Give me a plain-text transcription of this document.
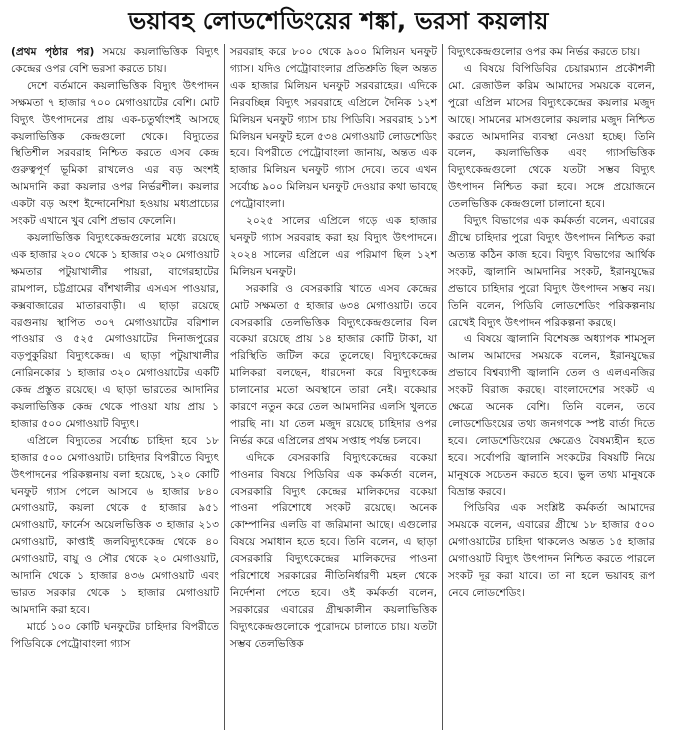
ভয়াবহ লোডশেডিংয়ের শঙ্কা, ভরসা কয়লায়

(প্রথম পৃষ্ঠার পর) সময়ে কয়লাভিত্তিক বিদ্যুৎ কেন্দ্রের ওপর বেশি ভরসা করতে চায়।

দেশে বর্তমানে কয়লাভিত্তিক বিদ্যুৎ উৎপাদন সক্ষমতা ৭ হাজার ৭০০ মেগাওয়াটের বেশি। মোট বিদ্যুৎ উৎপাদনের প্রায় এক-চতুর্থাংশই আসছে কয়লাভিত্তিক কেন্দ্রগুলো থেকে। বিদ্যুতের স্থিতিশীল সরবরাহ নিশ্চিত করতে এসব কেন্দ্র গুরুত্বপূর্ণ ভূমিকা রাখলেও এর বড় অংশই আমদানি করা কয়লার ওপর নির্ভরশীল। কয়লার একটা বড় অংশ ইন্দোনেশিয়া হওয়ায় মধ্যপ্রাচ্যের সংকট এখানে খুব বেশি প্রভাব ফেলেনি।

কয়লাভিত্তিক বিদ্যুৎকেন্দ্রগুলোর মধ্যে রয়েছে এক হাজার ২০০ থেকে ১ হাজার ৩২০ মেগাওয়াট ক্ষমতার পটুয়াখালীর পায়রা, বাগেরহাটের রামপাল, চট্টগ্রামের বাঁশখালীর এসএস পাওয়ার, কক্সবাজারের মাতারবাড়ী। এ ছাড়া রয়েছে বরগুনায় স্থাপিত ৩০৭ মেগাওয়াটের বরিশাল পাওয়ার ও ৫২৫ মেগাওয়াটের দিনাজপুরের বড়পুকুরিয়া বিদ্যুৎকেন্দ্র। এ ছাড়া পটুয়াখালীর নোরিনকোর ১ হাজার ৩২০ মেগাওয়াটের একটি কেন্দ্র প্রস্তুত রয়েছে। এ ছাড়া ভারতের আদানির কয়লাভিত্তিক কেন্দ্র থেকে পাওয়া যায় প্রায় ১ হাজার ৫০০ মেগাওয়াট বিদ্যুৎ।

এপ্রিলে বিদ্যুতের সর্বোচ্চ চাহিদা হবে ১৮ হাজার ৫০০ মেগাওয়াট। চাহিদার বিপরীতে বিদ্যুৎ উৎপাদনের পরিকল্পনায় বলা হয়েছে, ১২০ কোটি ঘনফুট গ্যাস পেলে আসবে ৬ হাজার ৮৪০ মেগাওয়াট, কয়লা থেকে ৫ হাজার ৯৫১ মেগাওয়াট, ফার্নেস অয়েলভিত্তিক ৩ হাজার ২১৩ মেগাওয়াট, কাপ্তাই জলবিদ্যুৎকেন্দ্র থেকে ৪০ মেগাওয়াট, বায়ু ও সৌর থেকে ২০ মেগাওয়াট, আদানি থেকে ১ হাজার ৪৩৬ মেগাওয়াট এবং ভারত সরকার থেকে ১ হাজার মেগাওয়াট আমদানি করা হবে।

মার্চে ১০০ কোটি ঘনফুটের চাহিদার বিপরীতে পিডিবিকে পেট্রোবাংলা গ্যাস

সরবরাহ করে ৮০০ থেকে ৯০০ মিলিয়ন ঘনফুট গ্যাস। যদিও পেট্রোবাংলার প্রতিশ্রুতি ছিল অন্তত এক হাজার মিলিয়ন ঘনফুট সরবরাহের। এদিকে নিরবচ্ছিন্ন বিদ্যুৎ সরবরাহে এপ্রিলে দৈনিক ১২শ মিলিয়ন ঘনফুট গ্যাস চায় পিডিবি। সরবরাহ ১১শ মিলিয়ন ঘনফুট হলে ৫৩৪ মেগাওয়াট লোডশেডিং হবে। বিপরীতে পেট্রোবাংলা জানায়, অন্তত এক হাজার মিলিয়ন ঘনফুট গ্যাস দেবে। তবে এখন সর্বোচ্চ ৯০০ মিলিয়ন ঘনফুট দেওয়ার কথা ভাবছে পেট্রোবাংলা।

২০২৫ সালের এপ্রিলে গড়ে এক হাজার ঘনফুট গ্যাস সরবরাহ করা হয় বিদ্যুৎ উৎপাদনে। ২০২৪ সালের এপ্রিলে এর পরিমাণ ছিল ১২শ মিলিয়ন ঘনফুট।

সরকারি ও বেসরকারি খাতে এসব কেন্দ্রের মোট সক্ষমতা ৫ হাজার ৬৩৪ মেগাওয়াট। তবে বেসরকারি তেলভিত্তিক বিদ্যুৎকেন্দ্রগুলোর বিল বকেয়া রয়েছে প্রায় ১৪ হাজার কোটি টাকা, যা পরিস্থিতি জটিল করে তুলেছে। বিদ্যুৎকেন্দ্রের মালিকরা বলছেন, ধারদেনা করে বিদ্যুৎকেন্দ্র চালানোর মতো অবস্থানে তারা নেই। বকেয়ার কারণে নতুন করে তেল আমদানির এলসি খুলতে পারছি না। যা তেল মজুদ রয়েছে চাহিদার ওপর নির্ভর করে এপ্রিলের প্রথম সপ্তাহ পর্যন্ত চলবে।

এদিকে বেসরকারি বিদ্যুৎকেন্দ্রের বকেয়া পাওনার বিষয়ে পিডিবির এক কর্মকর্তা বলেন, বেসরকারি বিদ্যুৎ কেন্দ্রের মালিকদের বকেয়া পাওনা পরিশোধে সংকট রয়েছে। অনেক কোম্পানির এলডি বা জরিমানা আছে। এগুলোর বিষয়ে সমাধান হতে হবে। তিনি বলেন, এ ছাড়া বেসরকারি বিদ্যুৎকেন্দ্রের মালিকদের পাওনা পরিশোধে সরকারের নীতিনির্ধারণী মহল থেকে নির্দেশনা পেতে হবে। ওই কর্মকর্তা বলেন, সরকারের এবারের গ্রীষ্মকালীন কয়লাভিত্তিক বিদ্যুৎকেন্দ্রগুলোকে পুরোদমে চালাতে চায়। যতটা সম্ভব তেলভিত্তিক

বিদ্যুৎকেন্দ্রগুলোর ওপর কম নির্ভর করতে চায়।

এ বিষয়ে বিপিডিবির চেয়ারম্যান প্রকৌশলী মো. রেজাউল করিম আমাদের সময়কে বলেন, পুরো এপ্রিল মাসের বিদ্যুৎকেন্দ্রের কয়লার মজুদ আছে। সামনের মাসগুলোর কয়লার মজুদ নিশ্চিত করতে আমদানির ব্যবস্থা নেওয়া হচ্ছে। তিনি বলেন, কয়লাভিত্তিক এবং গ্যাসভিত্তিক বিদ্যুৎকেন্দ্রগুলো থেকে যতটা সম্ভব বিদ্যুৎ উৎপাদন নিশ্চিত করা হবে। সঙ্গে প্রয়োজনে তেলভিত্তিক কেন্দ্রগুলো চালানো হবে।

বিদ্যুৎ বিভাগের এক কর্মকর্তা বলেন, এবারের গ্রীষ্মে চাহিদার পুরো বিদ্যুৎ উৎপাদন নিশ্চিত করা অত্যন্ত কঠিন কাজ হবে। বিদ্যুৎ বিভাগের আর্থিক সংকট, জ্বালানি আমদানির সংকট, ইরানযুদ্ধের প্রভাবে চাহিদার পুরো বিদ্যুৎ উৎপাদন সম্ভব নয়। তিনি বলেন, পিডিবি লোডশেডিং পরিকল্পনায় রেখেই বিদ্যুৎ উৎপাদন পরিকল্পনা করছে।

এ বিষয়ে জ্বালানি বিশেষজ্ঞ অধ্যাপক শামসুল আলম আমাদের সময়কে বলেন, ইরানযুদ্ধের প্রভাবে বিশ্বব্যাপী জ্বালানি তেল ও এলএনজির সংকট বিরাজ করছে। বাংলাদেশের সংকট এ ক্ষেত্রে অনেক বেশি। তিনি বলেন, তবে লোডশেডিংয়ের তথ্য জনগণকে স্পষ্ট বার্তা দিতে হবে। লোডশেডিংয়ের ক্ষেত্রেও বৈষম্যহীন হতে হবে। সর্বোপরি জ্বালানি সংকটের বিষয়টি নিয়ে মানুষকে সচেতন করতে হবে। ভুল তথ্য মানুষকে বিভ্রান্ত করবে।

পিডিবির এক সংশ্লিষ্ট কর্মকর্তা আমাদের সময়কে বলেন, এবারের গ্রীষ্মে ১৮ হাজার ৫০০ মেগাওয়াটের চাহিদা থাকলেও অন্তত ১৫ হাজার মেগাওয়াট বিদ্যুৎ উৎপাদন নিশ্চিত করতে পারলে সংকট দূর করা যাবে। তা না হলে ভয়াবহ রূপ নেবে লোডশেডিং।
